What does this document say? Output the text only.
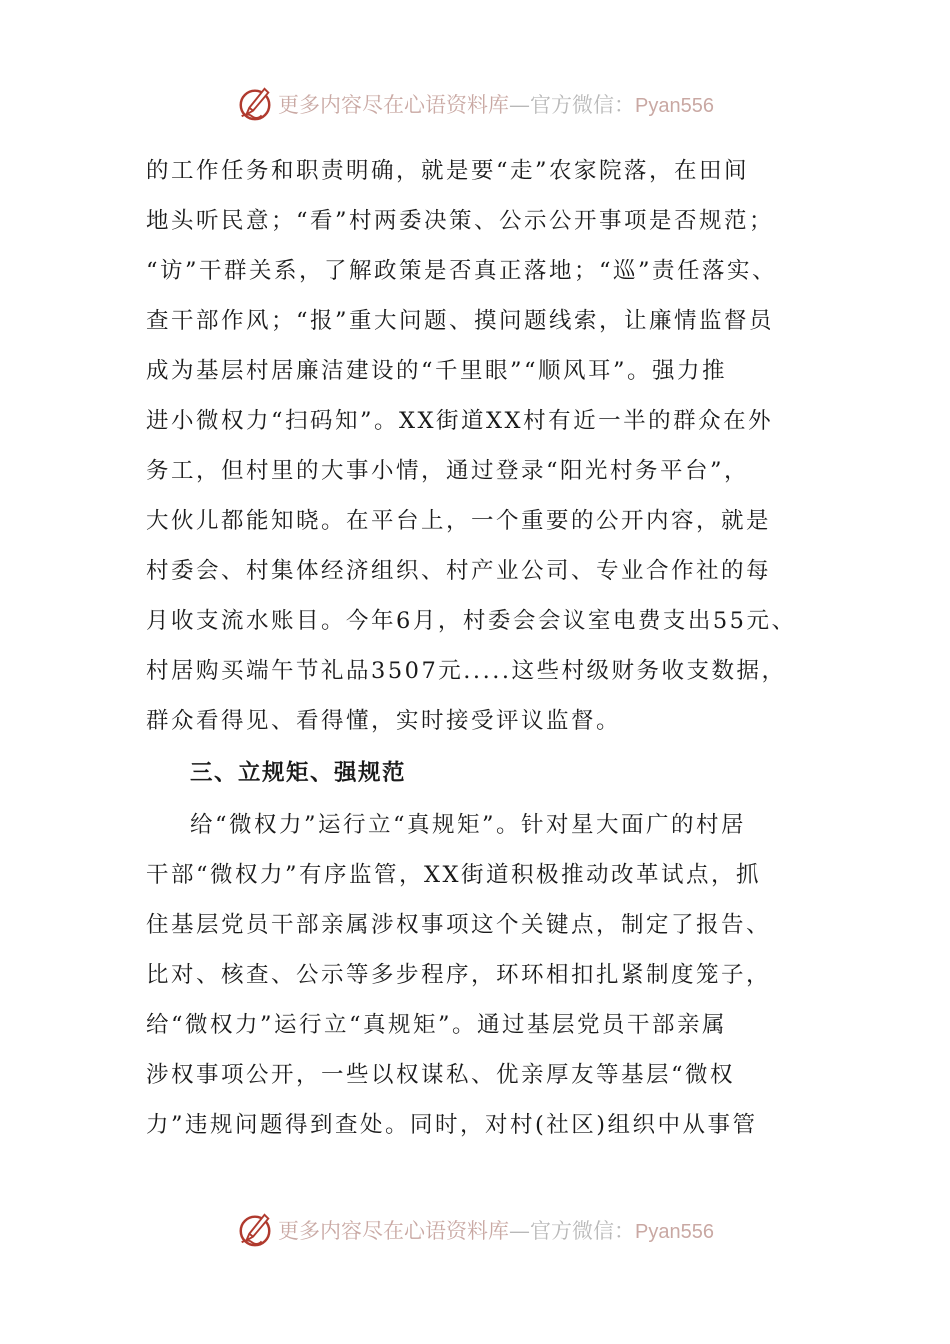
更多内容尽在心语资料库 — 官方微信： Pyan556
的工作任务和职责明确，就是要“走”农家院落，在田间
地头听民意；“看”村两委决策、公示公开事项是否规范；
“访”干群关系，了解政策是否真正落地；“巡”责任落实、
查干部作风；“报”重大问题、摸问题线索，让廉情监督员
成为基层村居廉洁建设的“千里眼”“顺风耳”。强力推
进小微权力“扫码知”。XX街道XX村有近一半的群众在外
务工，但村里的大事小情，通过登录“阳光村务平台”，
大伙儿都能知晓。在平台上，一个重要的公开内容，就是
村委会、村集体经济组织、村产业公司、专业合作社的每
月收支流水账目。今年6月，村委会会议室电费支出55元、
村居购买端午节礼品3507元.....这些村级财务收支数据，
群众看得见、看得懂，实时接受评议监督。
三、立规矩、强规范
给“微权力”运行立“真规矩”。针对星大面广的村居
干部“微权力”有序监管，XX街道积极推动改革试点，抓
住基层党员干部亲属涉权事项这个关键点，制定了报告、
比对、核查、公示等多步程序，环环相扣扎紧制度笼子，
给“微权力”运行立“真规矩”。通过基层党员干部亲属
涉权事项公开，一些以权谋私、优亲厚友等基层“微权
力”违规问题得到查处。同时，对村(社区)组织中从事管
更多内容尽在心语资料库 — 官方微信： Pyan556
